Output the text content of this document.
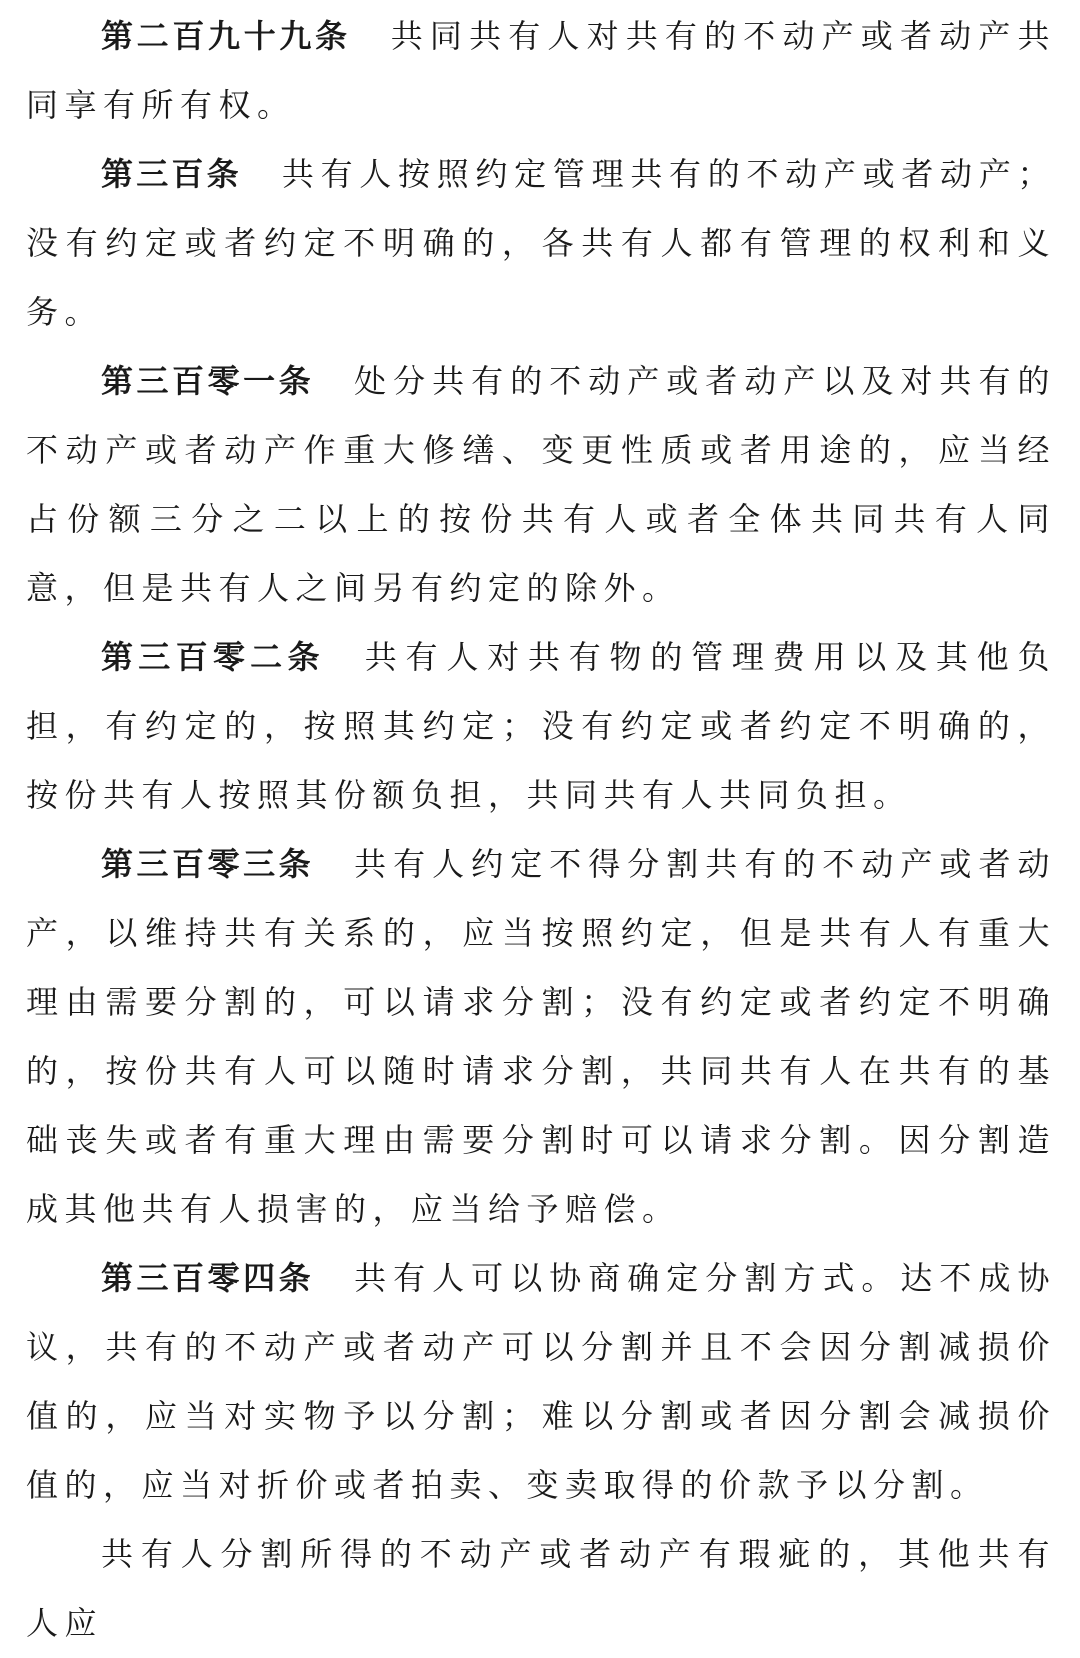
第二百九十九条 共同共有人对共有的不动产或者动产共同享有所有权。

第三百条 共有人按照约定管理共有的不动产或者动产；没有约定或者约定不明确的，各共有人都有管理的权利和义务。

第三百零一条 处分共有的不动产或者动产以及对共有的不动产或者动产作重大修缮、变更性质或者用途的，应当经占份额三分之二以上的按份共有人或者全体共同共有人同意，但是共有人之间另有约定的除外。

第三百零二条 共有人对共有物的管理费用以及其他负担，有约定的，按照其约定；没有约定或者约定不明确的，按份共有人按照其份额负担，共同共有人共同负担。

第三百零三条 共有人约定不得分割共有的不动产或者动产，以维持共有关系的，应当按照约定，但是共有人有重大理由需要分割的，可以请求分割；没有约定或者约定不明确的，按份共有人可以随时请求分割，共同共有人在共有的基础丧失或者有重大理由需要分割时可以请求分割。因分割造成其他共有人损害的，应当给予赔偿。

第三百零四条 共有人可以协商确定分割方式。达不成协议，共有的不动产或者动产可以分割并且不会因分割减损价值的，应当对实物予以分割；难以分割或者因分割会减损价值的，应当对折价或者拍卖、变卖取得的价款予以分割。

共有人分割所得的不动产或者动产有瑕疵的，其他共有人应
